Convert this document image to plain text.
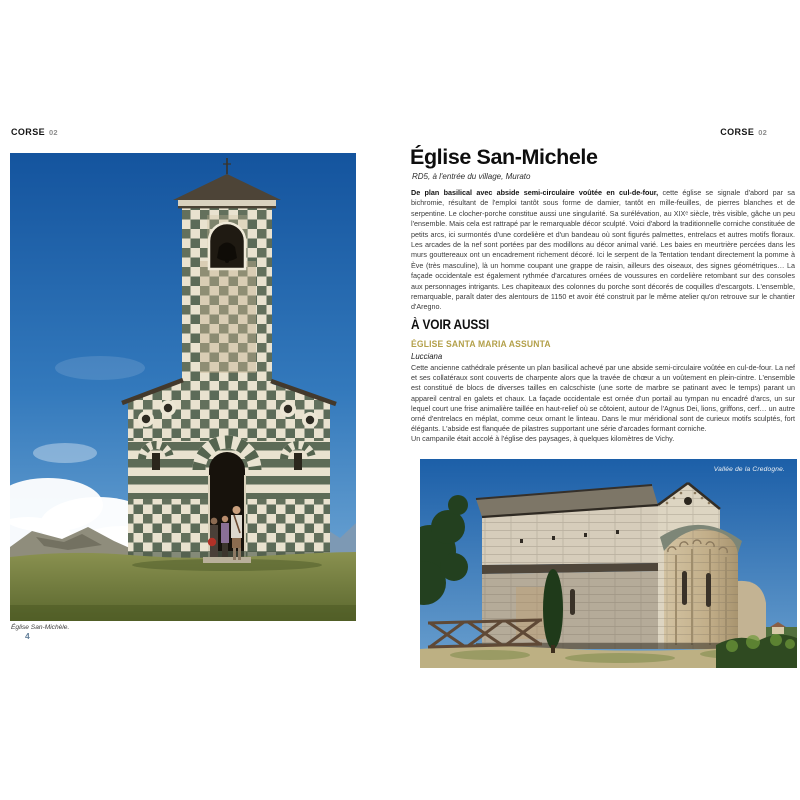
CORSE 02	CORSE 02
Église San-Michèle.
4
Église San-Michele
RD5, à l'entrée du village, Murato

De plan basilical avec abside semi-circulaire voûtée en cul-de-four, cette église se signale d'abord par sa bichromie, résultant de l'emploi tantôt sous forme de damier, tantôt en mille-feuilles, de pierres blanches et de serpentine. Le clocher-porche constitue aussi une singularité. Sa surélévation, au XIXᵉ siècle, très visible, gâche un peu l'ensemble. Mais cela est rattrapé par le remarquable décor sculpté. Voici d'abord la traditionnelle corniche constituée de petits arcs, ici surmontés d'une cordelière et d'un bandeau où sont figurés palmettes, entrelacs et autres motifs floraux. Les arcades de la nef sont portées par des modillons au décor animal varié. Les baies en meurtrière percées dans les murs gouttereaux ont un encadrement richement décoré. Ici le serpent de la Tentation tendant directement la pomme à Ève (très masculine), là un homme coupant une grappe de raisin, ailleurs des oiseaux, des signes géométriques… La façade occidentale est également rythmée d'arcatures ornées de voussures en cordelière retombant sur des consoles aux personnages intrigants. Les chapiteaux des colonnes du porche sont décorés de coquilles d'escargots. L'ensemble, remarquable, paraît dater des alentours de 1150 et avoir été construit par le même atelier qu'on retrouve sur le chantier d'Aregno.

À VOIR AUSSI
ÉGLISE SANTA MARIA ASSUNTA
Lucciana

Cette ancienne cathédrale présente un plan basilical achevé par une abside semi-circulaire voûtée en cul-de-four. La nef et ses collatéraux sont couverts de charpente alors que la travée de chœur a un voûtement en plein-cintre. L'ensemble est constitué de blocs de diverses tailles en calcschiste (une sorte de marbre se patinant avec le temps) parant un appareil central en galets et chaux. La façade occidentale est ornée d'un portail au tympan nu encadré d'arcs, un sur lequel court une frise animalière taillée en haut-relief où se côtoient, autour de l'Agnus Dei, lions, griffons, cerf… un autre orné d'entrelacs en méplat, comme ceux ornant le linteau. Dans le mur méridional sont de curieux motifs sculptés, fort élégants. L'abside est flanquée de pilastres supportant une série d'arcades formant corniche.

Un campanile était accolé à l'église des paysages, à quelques kilomètres de Vichy.

Vallée de la Credogne.
